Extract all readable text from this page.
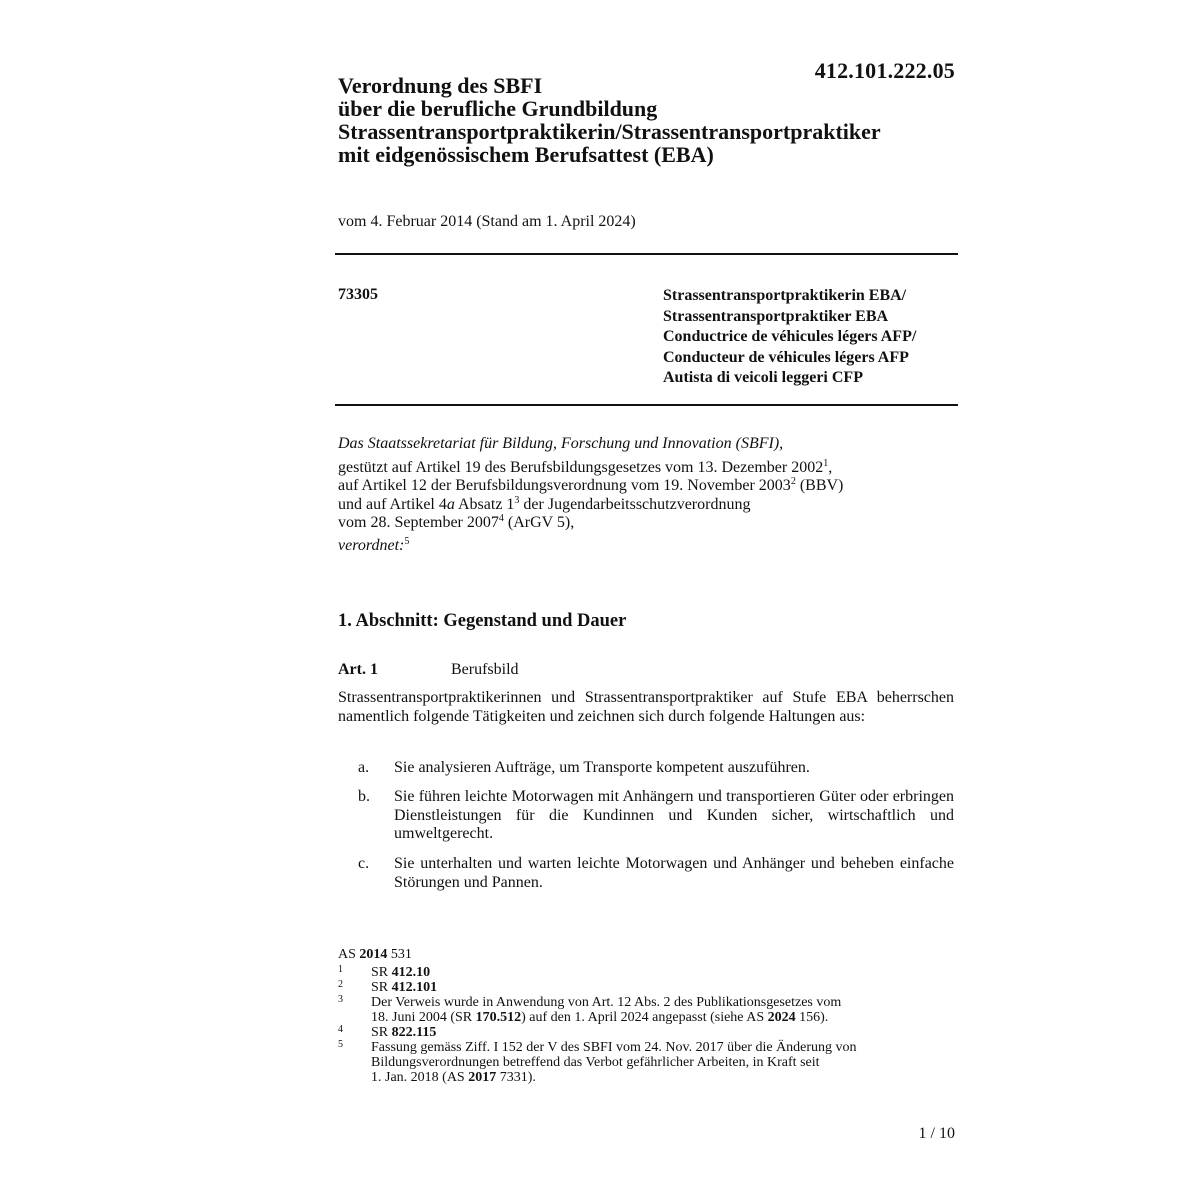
412.101.222.05
Verordnung des SBFI
über die berufliche Grundbildung
Strassentransportpraktikerin/Strassentransportpraktiker
mit eidgenössischem Berufsattest (EBA)
vom 4. Februar 2014 (Stand am 1. April 2024)
73305	Strassentransportpraktikerin EBA/
Strassentransportpraktiker EBA
Conductrice de véhicules légers AFP/
Conducteur de véhicules légers AFP
Autista di veicoli leggeri CFP
Das Staatssekretariat für Bildung, Forschung und Innovation (SBFI),
gestützt auf Artikel 19 des Berufsbildungsgesetzes vom 13. Dezember 2002$^1$,
auf Artikel 12 der Berufsbildungsverordnung vom 19. November 2003$^2$ (BBV)
und auf Artikel 4a Absatz $1^3$ der Jugendarbeitsschutzverordnung
vom 28. September 2007$^4$ (ArGV 5),
verordnet:$^5$
1. Abschnitt: Gegenstand und Dauer
Art. 1	Berufsbild
Strassentransportpraktikerinnen und Strassentransportpraktiker auf Stufe EBA beherrschen namentlich folgende Tätigkeiten und zeichnen sich durch folgende Haltungen aus:
a. Sie analysieren Aufträge, um Transporte kompetent auszuführen.
b. Sie führen leichte Motorwagen mit Anhängern und transportieren Güter oder erbringen Dienstleistungen für die Kundinnen und Kunden sicher, wirtschaftlich und umweltgerecht.
c. Sie unterhalten und warten leichte Motorwagen und Anhänger und beheben einfache Störungen und Pannen.
AS 2014 531
1 SR 412.10
2 SR 412.101
3 Der Verweis wurde in Anwendung von Art. 12 Abs. 2 des Publikationsgesetzes vom
18. Juni 2004 (SR 170.512) auf den 1. April 2024 angepasst (siehe AS 2024 156).
4 SR 822.115
5 Fassung gemäss Ziff. I 152 der V des SBFI vom 24. Nov. 2017 über die Änderung von
Bildungsverordnungen betreffend das Verbot gefährlicher Arbeiten, in Kraft seit
1. Jan. 2018 (AS 2017 7331).
1 / 10
